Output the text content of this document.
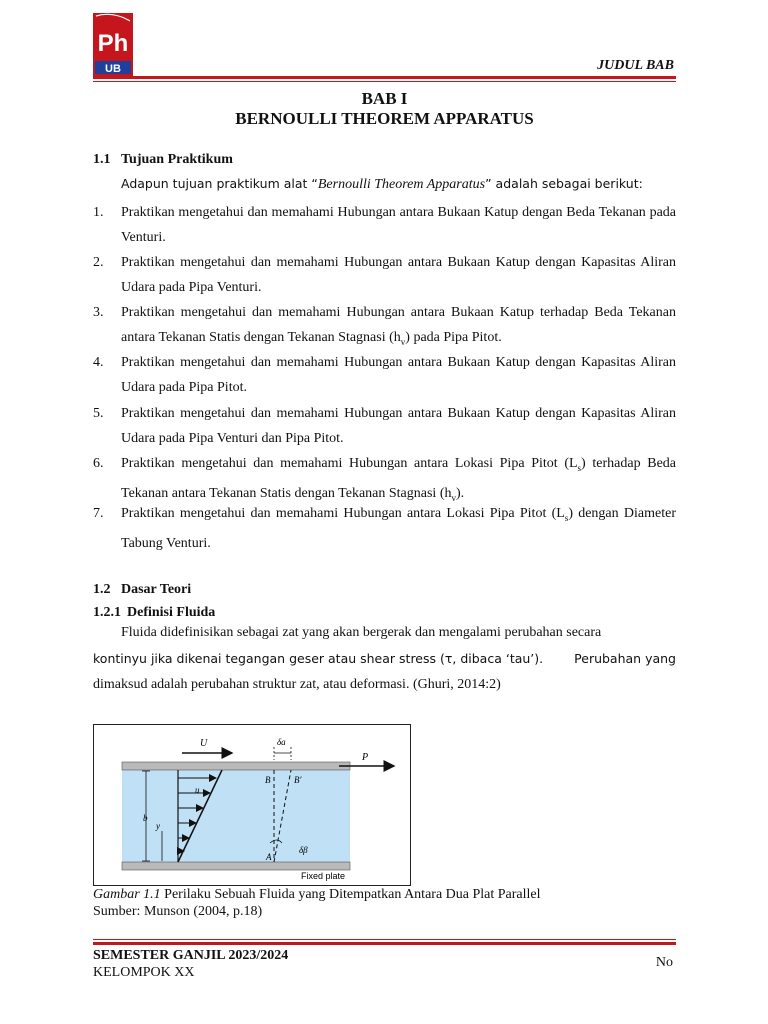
Ph
UB	JUDUL BAB
BAB I
BERNOULLI THEOREM APPARATUS
1.1 Tujuan Praktikum
Adapun tujuan praktikum alat “Bernoulli Theorem Apparatus” adalah sebagai berikut:
1. Praktikan mengetahui dan memahami Hubungan antara Bukaan Katup dengan Beda Tekanan pada Venturi.
2. Praktikan mengetahui dan memahami Hubungan antara Bukaan Katup dengan Kapasitas Aliran Udara pada Pipa Venturi.
3. Praktikan mengetahui dan memahami Hubungan antara Bukaan Katup terhadap Beda Tekanan antara Tekanan Statis dengan Tekanan Stagnasi $(h_v)$ pada Pipa Pitot.
4. Praktikan mengetahui dan memahami Hubungan antara Bukaan Katup dengan Kapasitas Aliran Udara pada Pipa Pitot.
5. Praktikan mengetahui dan memahami Hubungan antara Bukaan Katup dengan Kapasitas Aliran Udara pada Pipa Venturi dan Pipa Pitot.
6. Praktikan mengetahui dan memahami Hubungan antara Lokasi Pipa Pitot $(L_s)$ terhadap Beda Tekanan antara Tekanan Statis dengan Tekanan Stagnasi $(h_v)$.
7. Praktikan mengetahui dan memahami Hubungan antara Lokasi Pipa Pitot $(L_s)$ dengan Diameter Tabung Venturi.
1.2 Dasar Teori
1.2.1 Definisi Fluida
Fluida didefinisikan sebagai zat yang akan bergerak dan mengalami perubahan secara
kontinyu jika dikenai tegangan geser atau shear stress (τ, dibaca ‘tau’). Perubahan yang
dimaksud adalah perubahan struktur zat, atau deformasi. (Ghuri, 2014:2)
U
P
δa
u
b
y
B	B′
A
δβ
Fixed plate
Gambar 1.1 Perilaku Sebuah Fluida yang Ditempatkan Antara Dua Plat Parallel
Sumber: Munson (2004, p.18)
SEMESTER GANJIL 2023/2024
KELOMPOK XX
No
